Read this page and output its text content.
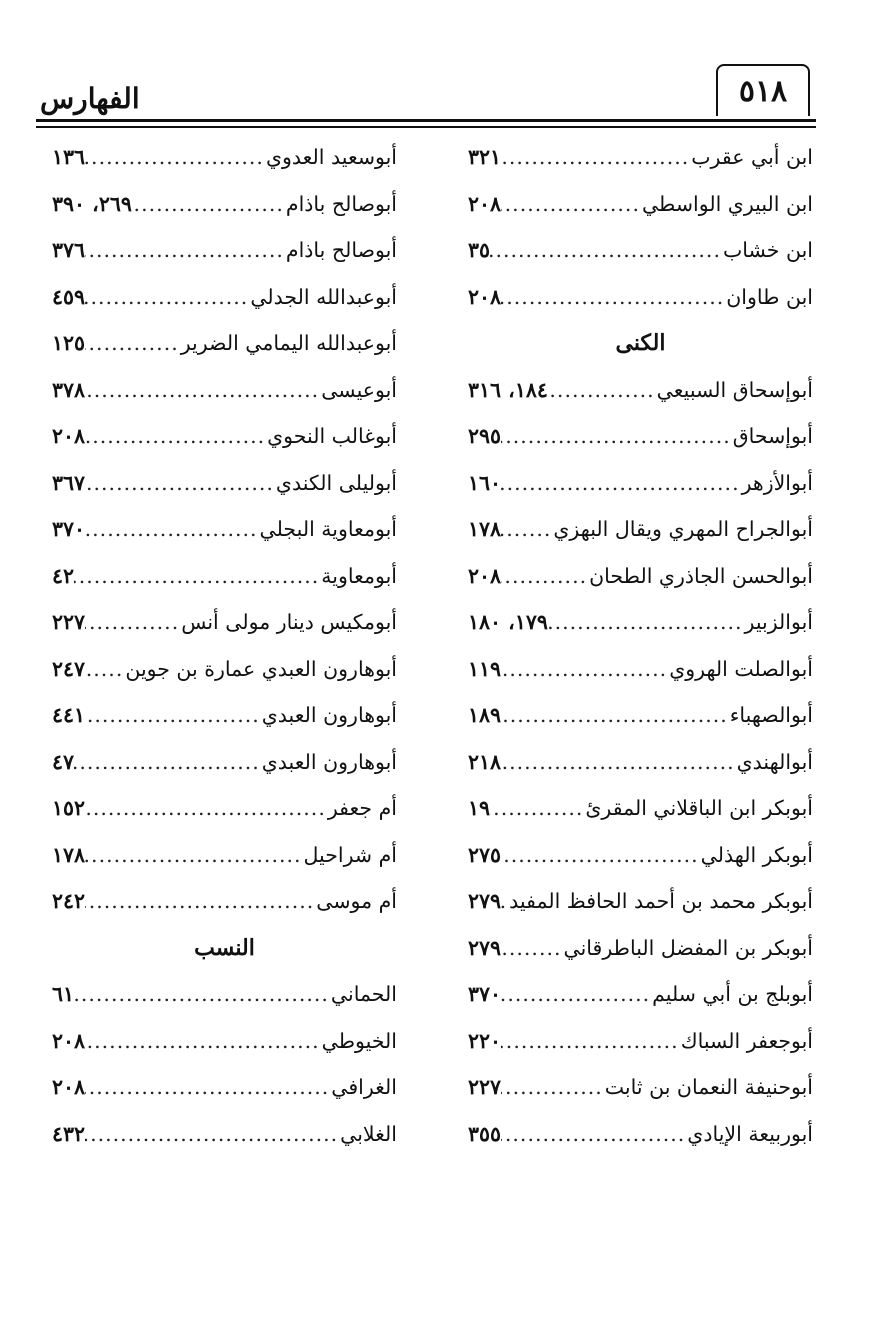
٥١٨
الفهارس
ابن أبي عقرب
.....
٣٢١
ابن البيري الواسطي
.....
٢٠٨
ابن خشاب
.....
٣٥
ابن طاوان
.....
٢٠٨
الكنى
أبوإسحاق السبيعي
.....
١٨٤، ٣١٦
أبوإسحاق
.....
٢٩٥
أبوالأزهر
.....
١٦٠
أبوالجراح المهري ويقال البهزي
.....
١٧٨
أبوالحسن الجاذري الطحان
.....
٢٠٨
أبوالزبير
.....
١٧٩، ١٨٠
أبوالصلت الهروي
.....
١١٩
أبوالصهباء
.....
١٨٩
أبوالهندي
.....
٢١٨
أبوبكر ابن الباقلاني المقرئ
.....
١٩
أبوبكر الهذلي
.....
٢٧٥
أبوبكر محمد بن أحمد الحافظ المفيد
.....
٢٧٩
أبوبكر بن المفضل الباطرقاني
.....
٢٧٩
أبوبلج بن أبي سليم
.....
٣٧٠
أبوجعفر السباك
.....
٢٢٠
أبوحنيفة النعمان بن ثابت
.....
٢٢٧
أبوربيعة الإيادي
.....
٣٥٥
أبوسعيد العدوي
.....
١٣٦
أبوصالح باذام
.....
٢٦٩، ٣٩٠
أبوصالح باذام
.....
٣٧٦
أبوعبدالله الجدلي
.....
٤٥٩
أبوعبدالله اليمامي الضرير
.....
١٢٥
أبوعيسى
.....
٣٧٨
أبوغالب النحوي
.....
٢٠٨
أبوليلى الكندي
.....
٣٦٧
أبومعاوية البجلي
.....
٣٧٠
أبومعاوية
.....
٤٢
أبومكيس دينار مولى أنس
.....
٢٢٧
أبوهارون العبدي عمارة بن جوين
.....
٢٤٧
أبوهارون العبدي
.....
٤٤١
أبوهارون العبدي
.....
٤٧
أم جعفر
.....
١٥٢
أم شراحيل
.....
١٧٨
أم موسى
.....
٢٤٢
النسب
الحماني
.....
٦١
الخيوطي
.....
٢٠٨
الغرافي
.....
٢٠٨
الغلابي
.....
٤٣٢
